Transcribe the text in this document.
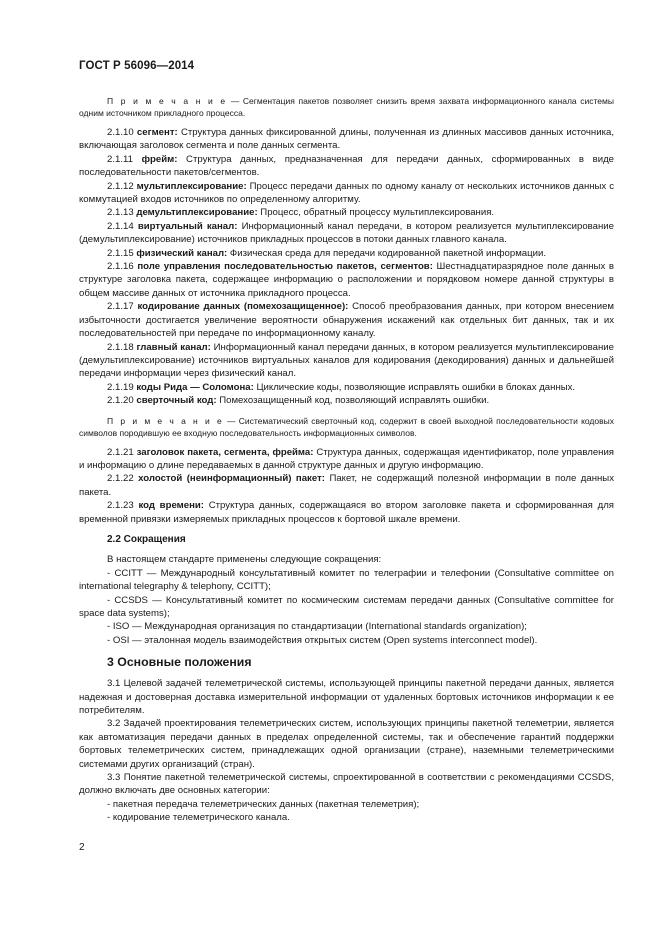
ГОСТ Р 56096—2014

П р и м е ч а н и е — Сегментация пакетов позволяет снизить время захвата информационного канала системы одним источником прикладного процесса.

2.1.10 сегмент: Структура данных фиксированной длины, полученная из длинных массивов данных источника, включающая заголовок сегмента и поле данных сегмента.

2.1.11 фрейм: Структура данных, предназначенная для передачи данных, сформированных в виде последовательности пакетов/сегментов.

2.1.12 мультиплексирование: Процесс передачи данных по одному каналу от нескольких источников данных с коммутацией входов источников по определенному алгоритму.

2.1.13 демультиплексирование: Процесс, обратный процессу мультиплексирования.

2.1.14 виртуальный канал: Информационный канал передачи, в котором реализуется мультиплексирование (демультиплексирование) источников прикладных процессов в потоки данных главного канала.

2.1.15 физический канал: Физическая среда для передачи кодированной пакетной информации.

2.1.16 поле управления последовательностью пакетов, сегментов: Шестнадцатиразрядное поле данных в структуре заголовка пакета, содержащее информацию о расположении и порядковом номере данной структуры в общем массиве данных от источника прикладного процесса.

2.1.17 кодирование данных (помехозащищенное): Способ преобразования данных, при котором внесением избыточности достигается увеличение вероятности обнаружения искажений как отдельных бит данных, так и их последовательностей при передаче по информационному каналу.

2.1.18 главный канал: Информационный канал передачи данных, в котором реализуется мультиплексирование (демультиплексирование) источников виртуальных каналов для кодирования (декодирования) данных и дальнейшей передачи информации через физический канал.

2.1.19 коды Рида — Соломона: Циклические коды, позволяющие исправлять ошибки в блоках данных.

2.1.20 сверточный код: Помехозащищенный код, позволяющий исправлять ошибки.

П р и м е ч а н и е — Систематический сверточный код, содержит в своей выходной последовательности кодовых символов породившую ее входную последовательность информационных символов.

2.1.21 заголовок пакета, сегмента, фрейма: Структура данных, содержащая идентификатор, поле управления и информацию о длине передаваемых в данной структуре данных и другую информацию.

2.1.22 холостой (неинформационный) пакет: Пакет, не содержащий полезной информации в поле данных пакета.

2.1.23 код времени: Структура данных, содержащаяся во втором заголовке пакета и сформированная для временной привязки измеряемых прикладных процессов к бортовой шкале времени.

2.2 Сокращения

В настоящем стандарте применены следующие сокращения:

- CCITT — Международный консультативный комитет по телеграфии и телефонии (Consultative committee on international telegraphy & telephony, CCITT);

- CCSDS — Консультативный комитет по космическим системам передачи данных (Consultative committee for space data systems);

- ISO — Международная организация по стандартизации (International standards organization);

- OSI — эталонная модель взаимодействия открытых систем (Open systems interconnect model).

3 Основные положения

3.1 Целевой задачей телеметрической системы, использующей принципы пакетной передачи данных, является надежная и достоверная доставка измерительной информации от удаленных бортовых источников информации к ее потребителям.

3.2 Задачей проектирования телеметрических систем, использующих принципы пакетной телеметрии, является как автоматизация передачи данных в пределах определенной системы, так и обеспечение гарантий поддержки бортовых телеметрических систем, принадлежащих одной организации (стране), наземными телеметрическими системами других организаций (стран).

3.3 Понятие пакетной телеметрической системы, спроектированной в соответствии с рекомендациями CCSDS, должно включать две основных категории:

- пакетная передача телеметрических данных (пакетная телеметрия);

- кодирование телеметрического канала.

2
